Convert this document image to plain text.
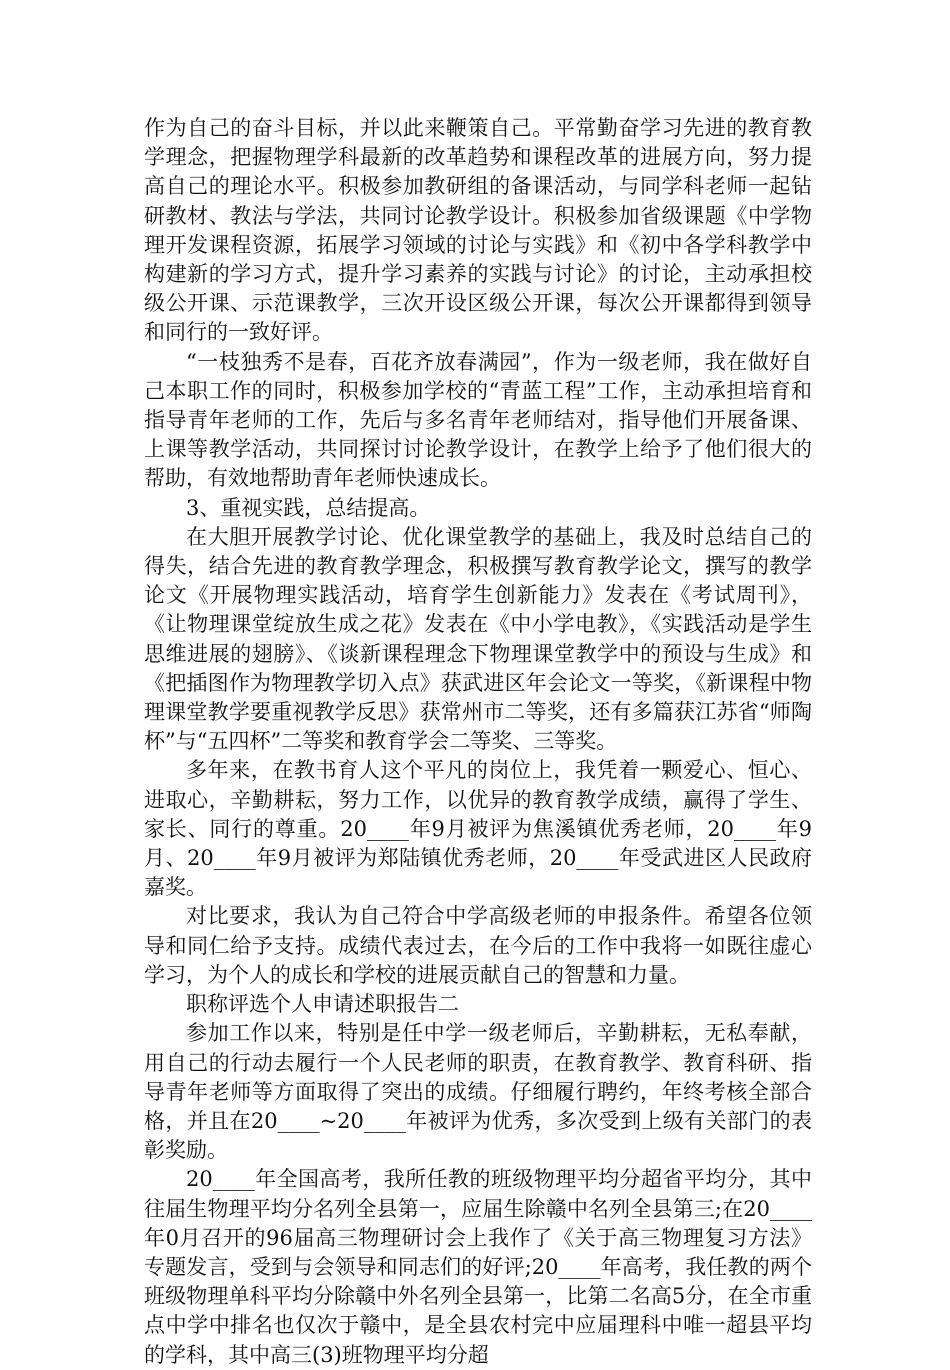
作为自己的奋斗目标，并以此来鞭策自己。平常勤奋学习先进的教育教学理念，把握物理学科最新的改革趋势和课程改革的进展方向，努力提高自己的理论水平。积极参加教研组的备课活动，与同学科老师一起钻研教材、教法与学法，共同讨论教学设计。积极参加省级课题《中学物理开发课程资源，拓展学习领域的讨论与实践》和《初中各学科教学中构建新的学习方式，提升学习素养的实践与讨论》的讨论，主动承担校级公开课、示范课教学，三次开设区级公开课，每次公开课都得到领导和同行的一致好评。

“一枝独秀不是春，百花齐放春满园”，作为一级老师，我在做好自己本职工作的同时，积极参加学校的“青蓝工程”工作，主动承担培育和指导青年老师的工作，先后与多名青年老师结对，指导他们开展备课、上课等教学活动，共同探讨讨论教学设计，在教学上给予了他们很大的帮助，有效地帮助青年老师快速成长。

3、重视实践，总结提高。

在大胆开展教学讨论、优化课堂教学的基础上，我及时总结自己的得失，结合先进的教育教学理念，积极撰写教育教学论文，撰写的教学论文《开展物理实践活动，培育学生创新能力》发表在《考试周刊》，《让物理课堂绽放生成之花》发表在《中小学电教》，《实践活动是学生思维进展的翅膀》、《谈新课程理念下物理课堂教学中的预设与生成》和《把插图作为物理教学切入点》获武进区年会论文一等奖，《新课程中物理课堂教学要重视教学反思》获常州市二等奖，还有多篇获江苏省“师陶杯”与“五四杯”二等奖和教育学会二等奖、三等奖。

多年来，在教书育人这个平凡的岗位上，我凭着一颗爱心、恒心、进取心，辛勤耕耘，努力工作，以优异的教育教学成绩，赢得了学生、家长、同行的尊重。20____年9月被评为焦溪镇优秀老师，20____年9月、20____年9月被评为郑陆镇优秀老师，20____年受武进区人民政府嘉奖。

对比要求，我认为自己符合中学高级老师的申报条件。希望各位领导和同仁给予支持。成绩代表过去，在今后的工作中我将一如既往虚心学习，为个人的成长和学校的进展贡献自己的智慧和力量。

职称评选个人申请述职报告二

参加工作以来，特别是任中学一级老师后，辛勤耕耘，无私奉献，用自己的行动去履行一个人民老师的职责，在教育教学、教育科研、指导青年老师等方面取得了突出的成绩。仔细履行聘约，年终考核全部合格，并且在20____~20____年被评为优秀，多次受到上级有关部门的表彰奖励。

20____年全国高考，我所任教的班级物理平均分超省平均分，其中往届生物理平均分名列全县第一，应届生除赣中名列全县第三;在20____年0月召开的96届高三物理研讨会上我作了《关于高三物理复习方法》专题发言，受到与会领导和同志们的好评;20____年高考，我任教的两个班级物理单科平均分除赣中外名列全县第一，比第二名高5分，在全市重点中学中排名也仅次于赣中，是全县农村完中应届理科中唯一超县平均的学科，其中高三(3)班物理平均分超
